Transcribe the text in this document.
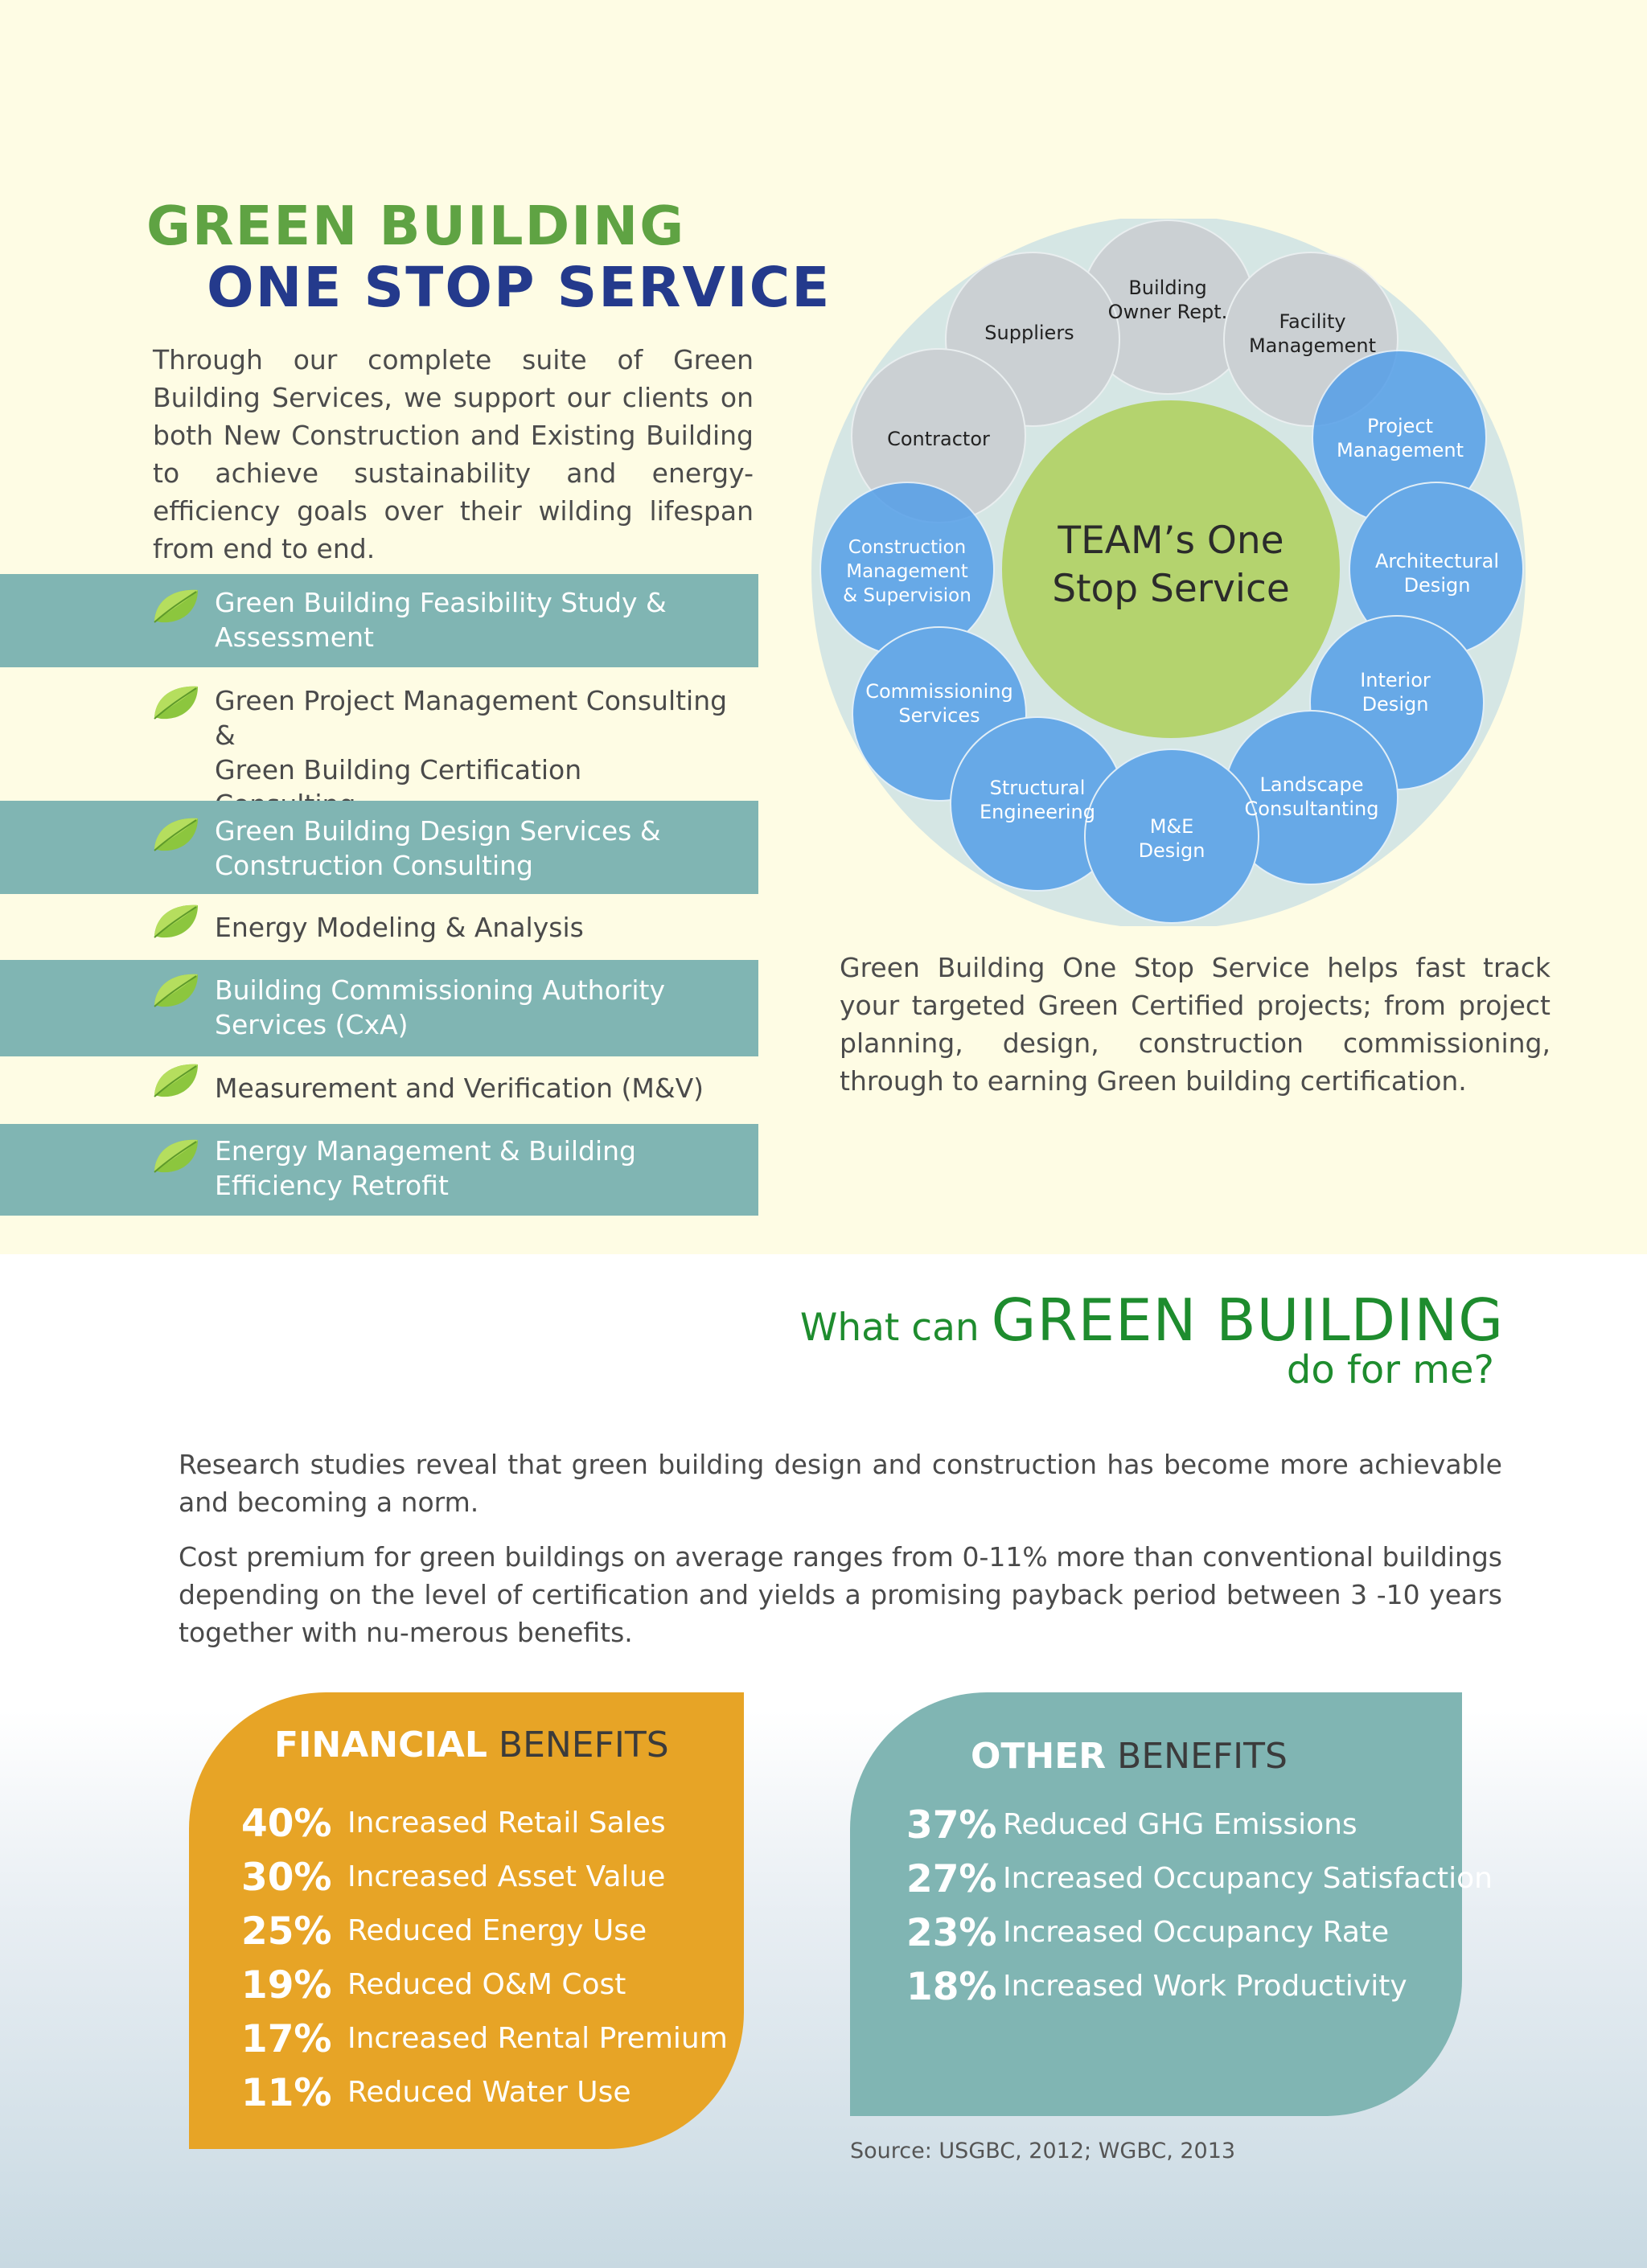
GREEN BUILDING
ONE STOP SERVICE
Through our complete suite of Green Building Services, we support our clients on both New Construction and Existing Building to achieve sustainability and energy-efficiency goals over their wilding lifespan from end to end.
Green Building Feasibility Study &
Assessment
Green Project Management Consulting &
Green Building Certification
Green Building Design Services &
Construction Consulting
Energy Modeling & Analysis
Building Commissioning Authority
Services (CxA)
Measurement and Verification (M&V)
Energy Management & Building
Efficiency Retrofit
TEAM’s One
Stop Service
Building
Owner Rept.
Suppliers	Facility
Management
Contractor
Project
Management
Architectural
Design
Construction
Management
& Supervision
Interior
Design
Commissioning
Services
Landscape
Consultanting
Structural
Engineering
M&E
Design
Green Building One Stop Service helps fast track your targeted Green Certified projects; from project planning, design, construction commissioning, through to earning Green building certification.
What can GREEN BUILDING
do for me?
Research studies reveal that green building design and construction has become more achievable and becoming a norm.
Cost premium for green buildings on average ranges from 0-11% more than conventional buildings depending on the level of certification and yields a promising payback period between 3 -10 years together with nu-merous benefits.
FINANCIAL BENEFITS
40% Increased Retail Sales
30% Increased Asset Value
25% Reduced Energy Use
19% Reduced O&M Cost
17% Increased Rental Premium
11% Reduced Water Use
OTHER BENEFITS
37% Reduced GHG Emissions
27% Increased Occupancy Satisfaction
23% Increased Occupancy Rate
18% Increased Work Productivity
Source: USGBC, 2012; WGBC, 2013
